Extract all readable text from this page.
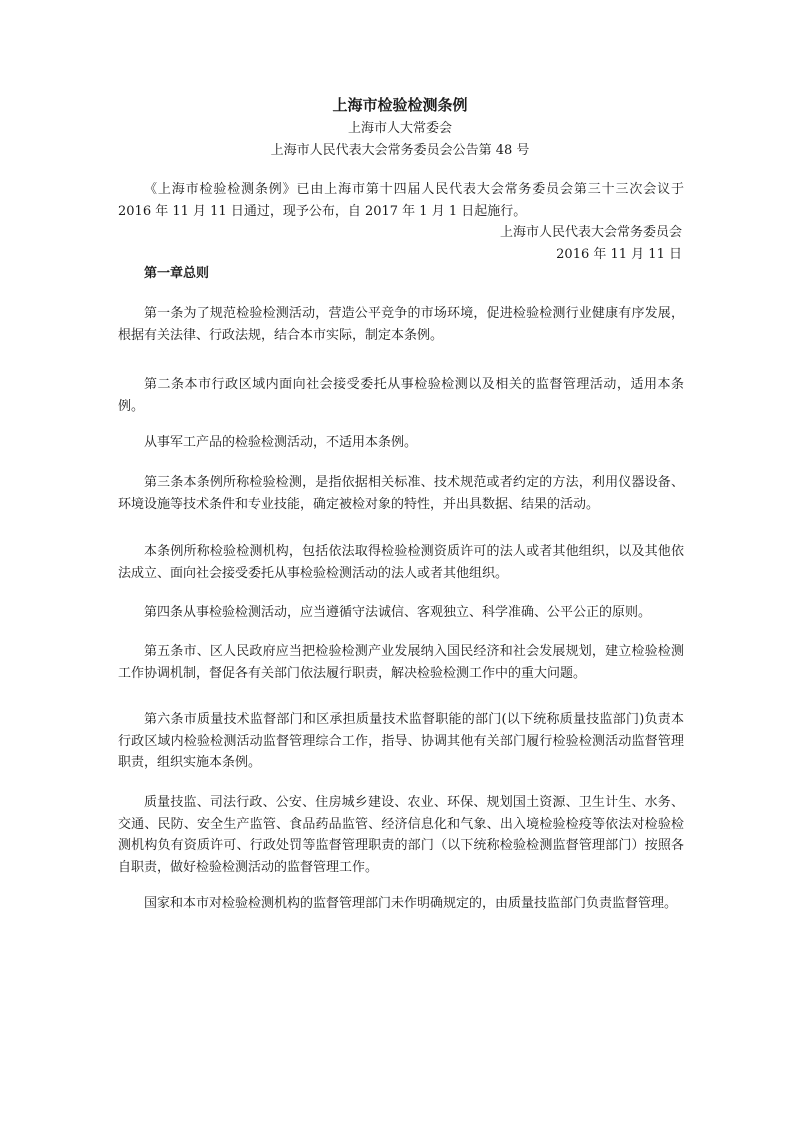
上海市检验检测条例
上海市人大常委会
上海市人民代表大会常务委员会公告第 48 号

《上海市检验检测条例》已由上海市第十四届人民代表大会常务委员会第三十三次会议于 2016 年 11 月 11 日通过，现予公布，自 2017 年 1 月 1 日起施行。

上海市人民代表大会常务委员会
2016 年 11 月 11 日
第一章总则

第一条为了规范检验检测活动，营造公平竞争的市场环境，促进检验检测行业健康有序发展，根据有关法律、行政法规，结合本市实际，制定本条例。

第二条本市行政区域内面向社会接受委托从事检验检测以及相关的监督管理活动，适用本条例。

从事军工产品的检验检测活动，不适用本条例。

第三条本条例所称检验检测，是指依据相关标准、技术规范或者约定的方法，利用仪器设备、环境设施等技术条件和专业技能，确定被检对象的特性，并出具数据、结果的活动。

本条例所称检验检测机构，包括依法取得检验检测资质许可的法人或者其他组织，以及其他依法成立、面向社会接受委托从事检验检测活动的法人或者其他组织。

第四条从事检验检测活动，应当遵循守法诚信、客观独立、科学准确、公平公正的原则。

第五条市、区人民政府应当把检验检测产业发展纳入国民经济和社会发展规划，建立检验检测工作协调机制，督促各有关部门依法履行职责，解决检验检测工作中的重大问题。

第六条市质量技术监督部门和区承担质量技术监督职能的部门(以下统称质量技监部门)负责本行政区域内检验检测活动监督管理综合工作，指导、协调其他有关部门履行检验检测活动监督管理职责，组织实施本条例。

质量技监、司法行政、公安、住房城乡建设、农业、环保、规划国土资源、卫生计生、水务、交通、民防、安全生产监管、食品药品监管、经济信息化和气象、出入境检验检疫等依法对检验检测机构负有资质许可、行政处罚等监督管理职责的部门（以下统称检验检测监督管理部门）按照各自职责，做好检验检测活动的监督管理工作。

国家和本市对检验检测机构的监督管理部门未作明确规定的，由质量技监部门负责监督管理。
